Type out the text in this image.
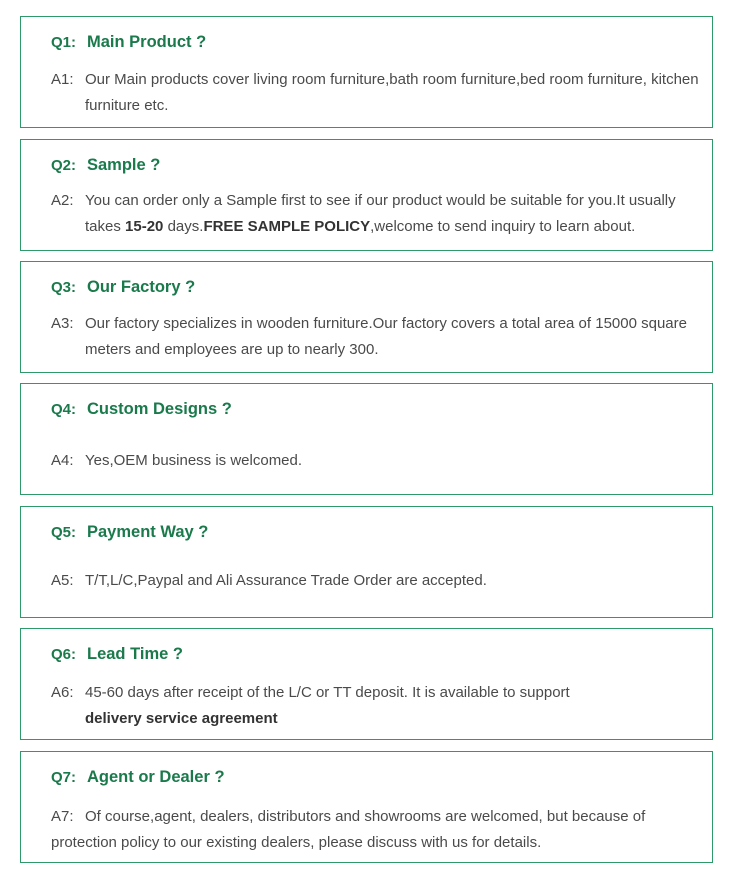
Q1: Main Product ?
A1: Our Main products cover living room furniture,bath room furniture,bed room furniture, kitchen furniture etc.
Q2: Sample ?
A2: You can order only a Sample first to see if our product would be suitable for you.It usually takes 15-20 days.FREE SAMPLE POLICY,welcome to send inquiry to learn about.
Q3: Our Factory ?
A3: Our factory specializes in wooden furniture.Our factory covers a total area of 15000 square meters and employees are up to nearly 300.
Q4: Custom Designs ?
A4: Yes,OEM business is welcomed.
Q5: Payment Way ?
A5: T/T,L/C,Paypal and Ali Assurance Trade Order are accepted.
Q6: Lead Time ?
A6: 45-60 days after receipt of the L/C or TT deposit. It is available to support
delivery service agreement
Q7: Agent or Dealer ?
A7: Of course,agent, dealers, distributors and showrooms are welcomed, but because of protection policy to our existing dealers, please discuss with us for details.
